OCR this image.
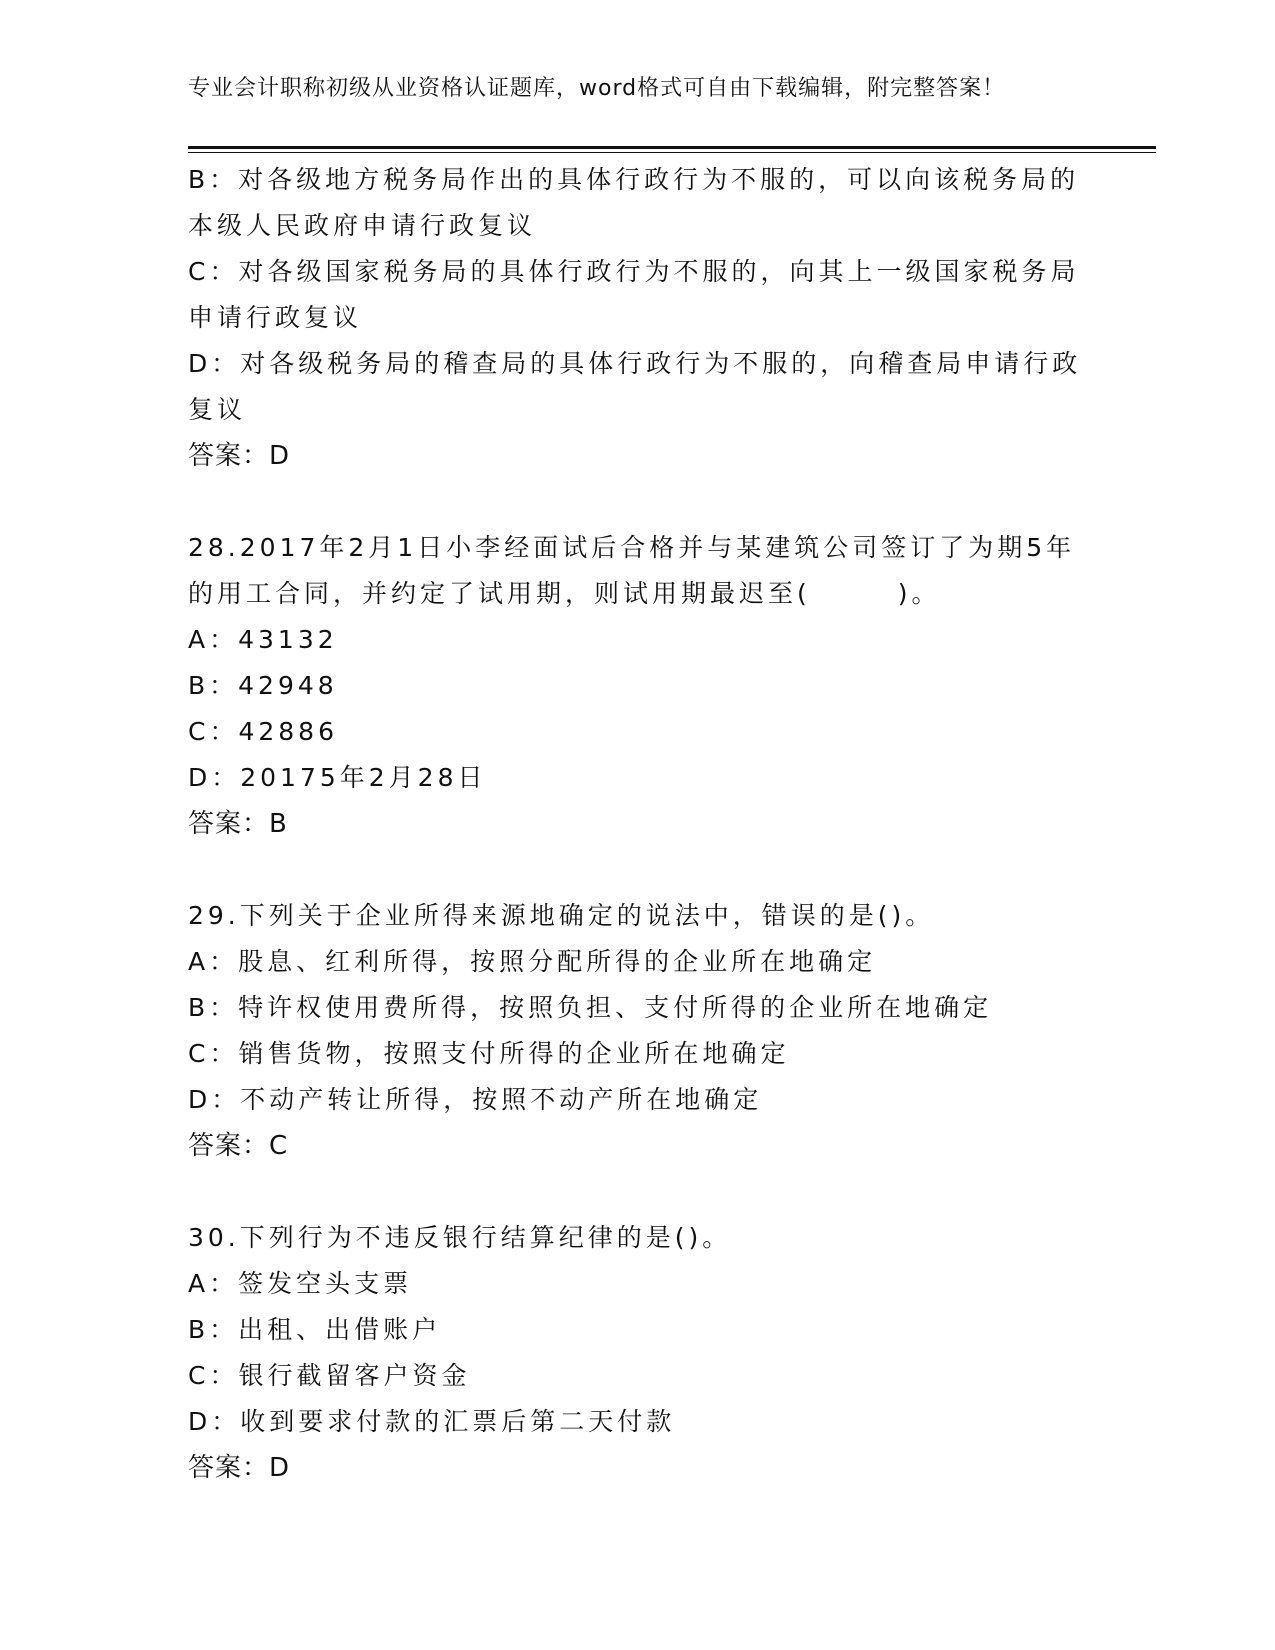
专业会计职称初级从业资格认证题库，word格式可自由下载编辑，附完整答案！
B：对各级地方税务局作出的具体行政行为不服的，可以向该税务局的
本级人民政府申请行政复议
C：对各级国家税务局的具体行政行为不服的，向其上一级国家税务局
申请行政复议
D：对各级税务局的稽查局的具体行政行为不服的，向稽查局申请行政
复议
答案：D
28.2017年2月1日小李经面试后合格并与某建筑公司签订了为期5年
的用工合同，并约定了试用期，则试用期最迟至(　　　)。
A：43132
B：42948
C：42886
D：20175年2月28日
答案：B
29.下列关于企业所得来源地确定的说法中，错误的是()。
A：股息、红利所得，按照分配所得的企业所在地确定
B：特许权使用费所得，按照负担、支付所得的企业所在地确定
C：销售货物，按照支付所得的企业所在地确定
D：不动产转让所得，按照不动产所在地确定
答案：C
30.下列行为不违反银行结算纪律的是()。
A：签发空头支票
B：出租、出借账户
C：银行截留客户资金
D：收到要求付款的汇票后第二天付款
答案：D
